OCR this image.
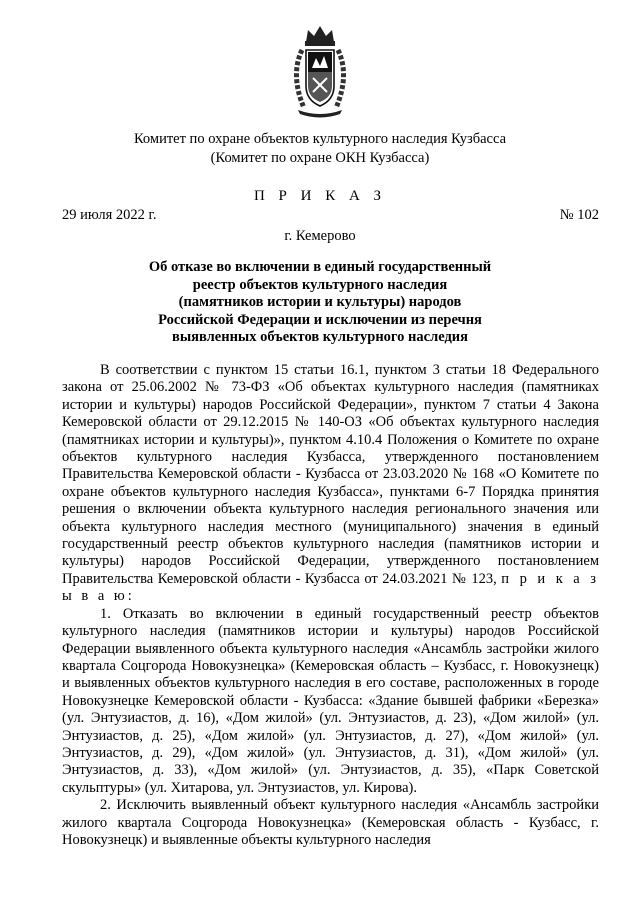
Комитет по охране объектов культурного наследия Кузбасса
(Комитет по охране ОКН Кузбасса)
П Р И К А З
29 июля 2022 г.	№ 102
г. Кемерово
Об отказе во включении в единый государственный
реестр объектов культурного наследия
(памятников истории и культуры) народов
Российской Федерации и исключении из перечня
выявленных объектов культурного наследия

В соответствии с пунктом 15 статьи 16.1, пунктом 3 статьи 18 Федерального закона от 25.06.2002 № 73-ФЗ «Об объектах культурного наследия (памятниках истории и культуры) народов Российской Федерации», пунктом 7 статьи 4 Закона Кемеровской области от 29.12.2015 № 140-ОЗ «Об объектах культурного наследия (памятниках истории и культуры)», пунктом 4.10.4 Положения о Комитете по охране объектов культурного наследия Кузбасса, утвержденного постановлением Правительства Кемеровской области - Кузбасса от 23.03.2020 № 168 «О Комитете по охране объектов культурного наследия Кузбасса», пунктами 6-7 Порядка принятия решения о включении объекта культурного наследия регионального значения или объекта культурного наследия местного (муниципального) значения в единый государственный реестр объектов культурного наследия (памятников истории и культуры) народов Российской Федерации, утвержденного постановлением Правительства Кемеровской области - Кузбасса от 24.03.2021 № 123, п р и к а з ы в а ю:

1. Отказать во включении в единый государственный реестр объектов культурного наследия (памятников истории и культуры) народов Российской Федерации выявленного объекта культурного наследия «Ансамбль застройки жилого квартала Соцгорода Новокузнецка» (Кемеровская область – Кузбасс, г. Новокузнецк) и выявленных объектов культурного наследия в его составе, расположенных в городе Новокузнецке Кемеровской области - Кузбасса: «Здание бывшей фабрики «Березка» (ул. Энтузиастов, д. 16), «Дом жилой» (ул. Энтузиастов, д. 23), «Дом жилой» (ул. Энтузиастов, д. 25), «Дом жилой» (ул. Энтузиастов, д. 27), «Дом жилой» (ул. Энтузиастов, д. 29), «Дом жилой» (ул. Энтузиастов, д. 31), «Дом жилой» (ул. Энтузиастов, д. 33), «Дом жилой» (ул. Энтузиастов, д. 35), «Парк Советской скульптуры» (ул. Хитарова, ул. Энтузиастов, ул. Кирова).

2. Исключить выявленный объект культурного наследия «Ансамбль застройки жилого квартала Соцгорода Новокузнецка» (Кемеровская область - Кузбасс, г. Новокузнецк) и выявленные объекты культурного наследия
